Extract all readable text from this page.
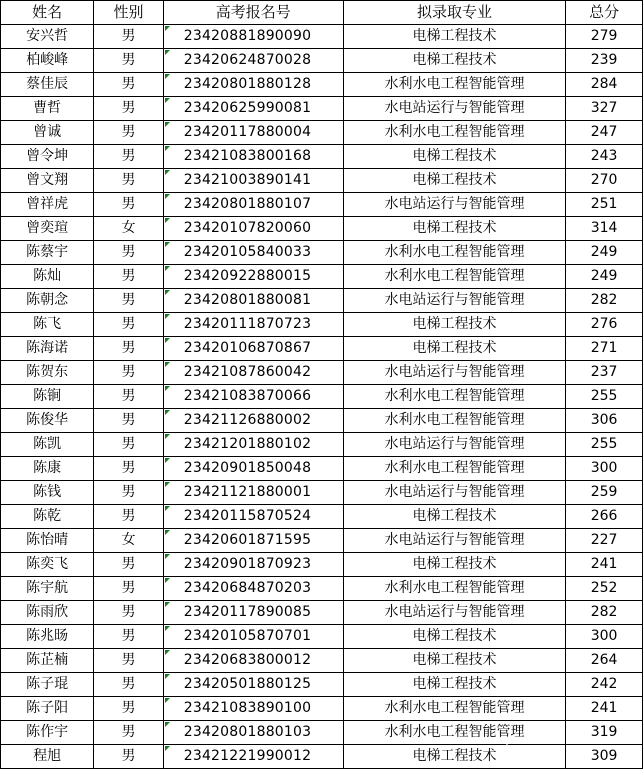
姓名	性别	高考报名号	拟录取专业	总分
安兴哲	男	23420881890090	电梯工程技术	279
柏峻峰	男	23420624870028	电梯工程技术	239
蔡佳辰	男	23420801880128	水利水电工程智能管理	284
曹哲	男	23420625990081	水电站运行与智能管理	327
曾诚	男	23420117880004	水利水电工程智能管理	247
曾令坤	男	23421083800168	电梯工程技术	243
曾文翔	男	23421003890141	电梯工程技术	270
曾祥虎	男	23420801880107	水电站运行与智能管理	251
曾奕瑄	女	23420107820060	电梯工程技术	314
陈蔡宇	男	23420105840033	水利水电工程智能管理	249
陈灿	男	23420922880015	水利水电工程智能管理	249
陈朝念	男	23420801880081	水电站运行与智能管理	282
陈飞	男	23420111870723	电梯工程技术	276
陈海诺	男	23420106870867	电梯工程技术	271
陈贺东	男	23421087860042	水电站运行与智能管理	237
陈锏	男	23421083870066	水利水电工程智能管理	255
陈俊华	男	23421126880002	水利水电工程智能管理	306
陈凯	男	23421201880102	水电站运行与智能管理	255
陈康	男	23420901850048	水利水电工程智能管理	300
陈钱	男	23421121880001	水电站运行与智能管理	259
陈乾	男	23420115870524	电梯工程技术	266
陈怡晴	女	23420601871595	水电站运行与智能管理	227
陈奕飞	男	23420901870923	电梯工程技术	241
陈宇航	男	23420684870203	水利水电工程智能管理	252
陈雨欣	男	23420117890085	水电站运行与智能管理	282
陈兆旸	男	23420105870701	电梯工程技术	300
陈芷楠	男	23420683800012	电梯工程技术	264
陈子琨	男	23420501880125	电梯工程技术	242
陈子阳	男	23421083890100	水利水电工程智能管理	241
陈作宇	男	23420801880103	水利水电工程智能管理	319
程旭	男	23421221990012	电梯工程技术	309
